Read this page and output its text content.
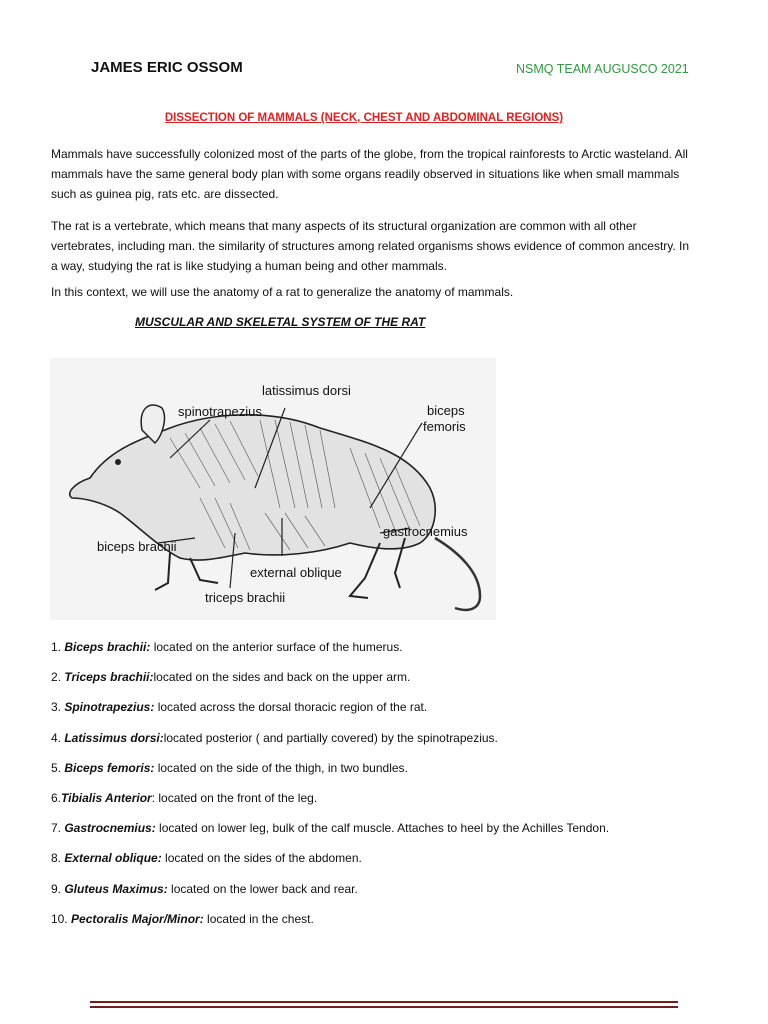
JAMES ERIC OSSOM	NSMQ TEAM AUGUSCO 2021
DISSECTION OF MAMMALS (NECK, CHEST AND ABDOMINAL REGIONS)
Mammals have successfully colonized most of the parts of the globe, from the tropical rainforests to Arctic wasteland. All mammals have the same general body plan with some organs readily observed in situations like when small mammals such as guinea pig, rats etc. are dissected.
The rat is a vertebrate, which means that many aspects of its structural organization are common with all other vertebrates, including man. the similarity of structures among related organisms shows evidence of common ancestry. In a way, studying the rat is like studying a human being and other mammals.
In this context, we will use the anatomy of a rat to generalize the anatomy of mammals.
MUSCULAR AND SKELETAL SYSTEM OF THE RAT
latissimus dorsi
spinotrapezius	biceps
femoris
gastrocnemius
biceps brachii
external oblique
triceps brachii
1. Biceps brachii: located on the anterior surface of the humerus.
2. Triceps brachii:located on the sides and back on the upper arm.
3. Spinotrapezius: located across the dorsal thoracic region of the rat.
4. Latissimus dorsi:located posterior ( and partially covered) by the spinotrapezius.
5. Biceps femoris: located on the side of the thigh, in two bundles.
6.Tibialis Anterior: located on the front of the leg.
7. Gastrocnemius: located on lower leg, bulk of the calf muscle. Attaches to heel by the Achilles Tendon.
8. External oblique: located on the sides of the abdomen.
9. Gluteus Maximus: located on the lower back and rear.
10. Pectoralis Major/Minor: located in the chest.
